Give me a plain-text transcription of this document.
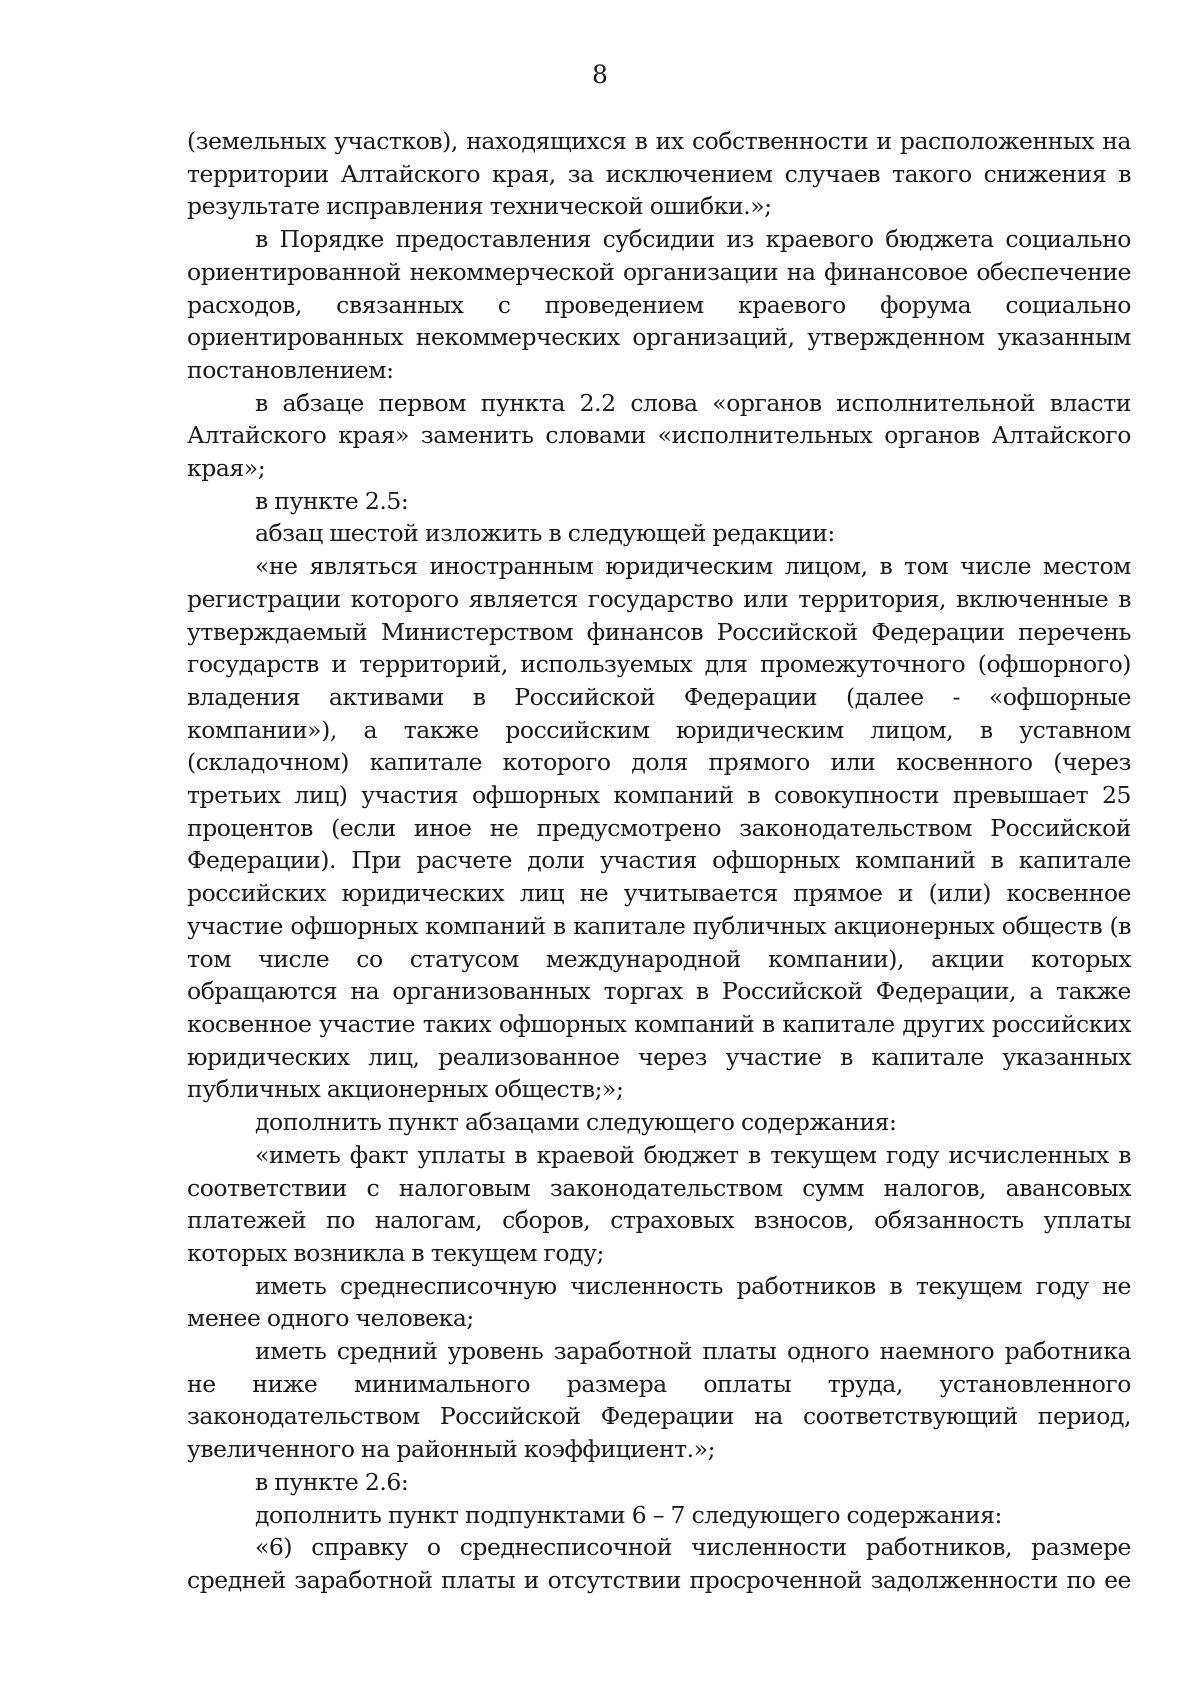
8

(земельных участков), находящихся в их собственности и расположенных на территории Алтайского края, за исключением случаев такого снижения в результате исправления технической ошибки.»;

в Порядке предоставления субсидии из краевого бюджета социально ориентированной некоммерческой организации на финансовое обеспечение расходов, связанных с проведением краевого форума социально ориентированных некоммерческих организаций, утвержденном указанным постановлением:

в абзаце первом пункта 2.2 слова «органов исполнительной власти Алтайского края» заменить словами «исполнительных органов Алтайского края»;

в пункте 2.5:

абзац шестой изложить в следующей редакции:

«не являться иностранным юридическим лицом, в том числе местом регистрации которого является государство или территория, включенные в утверждаемый Министерством финансов Российской Федерации перечень государств и территорий, используемых для промежуточного (офшорного) владения активами в Российской Федерации (далее - «офшорные компании»), а также российским юридическим лицом, в уставном (складочном) капитале которого доля прямого или косвенного (через третьих лиц) участия офшорных компаний в совокупности превышает 25 процентов (если иное не предусмотрено законодательством Российской Федерации). При расчете доли участия офшорных компаний в капитале российских юридических лиц не учитывается прямое и (или) косвенное участие офшорных компаний в капитале публичных акционерных обществ (в том числе со статусом международной компании), акции которых обращаются на организованных торгах в Российской Федерации, а также косвенное участие таких офшорных компаний в капитале других российских юридических лиц, реализованное через участие в капитале указанных публичных акционерных обществ;»;

дополнить пункт абзацами следующего содержания:

«иметь факт уплаты в краевой бюджет в текущем году исчисленных в соответствии с налоговым законодательством сумм налогов, авансовых платежей по налогам, сборов, страховых взносов, обязанность уплаты которых возникла в текущем году;

иметь среднесписочную численность работников в текущем году не менее одного человека;

иметь средний уровень заработной платы одного наемного работника не ниже минимального размера оплаты труда, установленного законодательством Российской Федерации на соответствующий период, увеличенного на районный коэффициент.»;

в пункте 2.6:

дополнить пункт подпунктами 6 – 7 следующего содержания:

«6) справку о среднесписочной численности работников, размере средней заработной платы и отсутствии просроченной задолженности по ее
